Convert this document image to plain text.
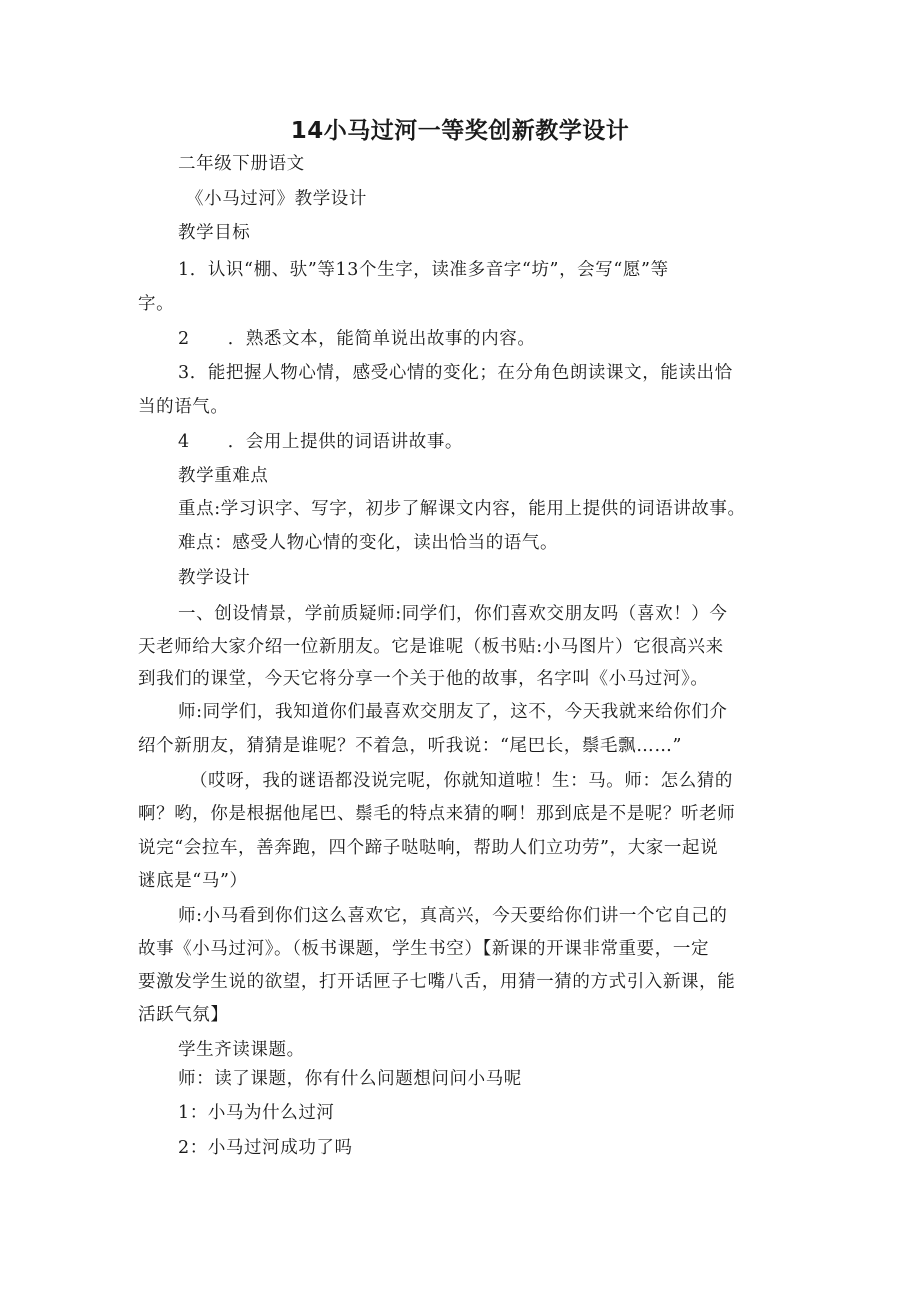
14小马过河一等奖创新教学设计
二年级下册语文
《小马过河》教学设计
教学目标
1．认识“棚、驮”等13个生字，读准多音字“坊”，会写“愿”等
字。
2 ．熟悉文本，能简单说出故事的内容。
3．能把握人物心情，感受心情的变化；在分角色朗读课文，能读出恰
当的语气。
4 ．会用上提供的词语讲故事。
教学重难点
重点:学习识字、写字，初步了解课文内容，能用上提供的词语讲故事。
难点：感受人物心情的变化，读出恰当的语气。
教学设计
一、创设情景，学前质疑师:同学们，你们喜欢交朋友吗（喜欢！）今
天老师给大家介绍一位新朋友。它是谁呢（板书贴:小马图片）它很高兴来
到我们的课堂，今天它将分享一个关于他的故事，名字叫《小马过河》。
师:同学们，我知道你们最喜欢交朋友了，这不，今天我就来给你们介
绍个新朋友，猜猜是谁呢？不着急，听我说：“尾巴长，鬃毛飘……”
（哎呀，我的谜语都没说完呢，你就知道啦！生：马。师：怎么猜的
啊？哟，你是根据他尾巴、鬃毛的特点来猜的啊！那到底是不是呢？听老师
说完“会拉车，善奔跑，四个蹄子哒哒响，帮助人们立功劳”，大家一起说
谜底是“马”）
师:小马看到你们这么喜欢它，真高兴，今天要给你们讲一个它自己的
故事《小马过河》。（板书课题，学生书空）【新课的开课非常重要，一定
要激发学生说的欲望，打开话匣子七嘴八舌，用猜一猜的方式引入新课，能
活跃气氛】
学生齐读课题。
师：读了课题，你有什么问题想问问小马呢
1：小马为什么过河
2：小马过河成功了吗
